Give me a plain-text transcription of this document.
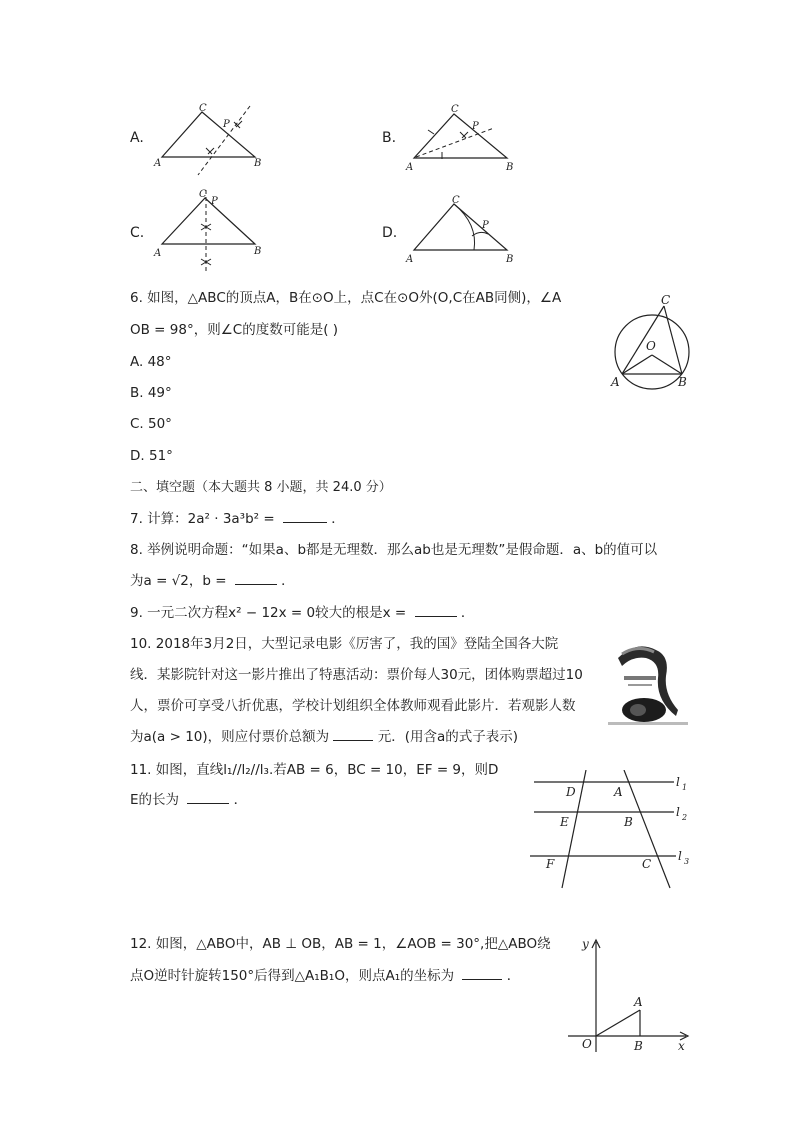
A.
C
A	B
P
B.
C
A	B
P
C.
C
A	B
P
D.
C
A	B
P
6. 如图，△ABC的顶点A，B在⊙O上，点C在⊙O外(O,C在AB同侧)，∠A
OB = 98°，则∠C的度数可能是( )
A. 48°
B. 49°
C. 50°
D. 51°
C
O
A	B
二、填空题（本大题共 8 小题，共 24.0 分）
7. 计算：2a² · 3a³b² =	．
8. 举例说明命题：“如果a、b都是无理数．那么ab也是无理数”是假命题．a、b的值可以
为a = √2，b =	．
9. 一元二次方程x² − 12x = 0较大的根是x =	．
10. 2018年3月2日，大型记录电影《厉害了，我的国》登陆全国各大院
线．某影院针对这一影片推出了特惠活动：票价每人30元，团体购票超过10
人，票价可享受八折优惠，学校计划组织全体教师观看此影片．若观影人数
为a(a > 10)，则应付票价总额为	元．(用含a的式子表示)
11. 如图，直线l₁//l₂//l₃.若AB = 6，BC = 10，EF = 9，则D
E的长为	．	D	A
E	B
F	C
l 1
l 2
l 3
12. 如图，△ABO中，AB ⊥ OB，AB = 1，∠AOB = 30°,把△ABO绕
点O逆时针旋转150°后得到△A₁B₁O，则点A₁的坐标为	．
y
x
O
A
B
